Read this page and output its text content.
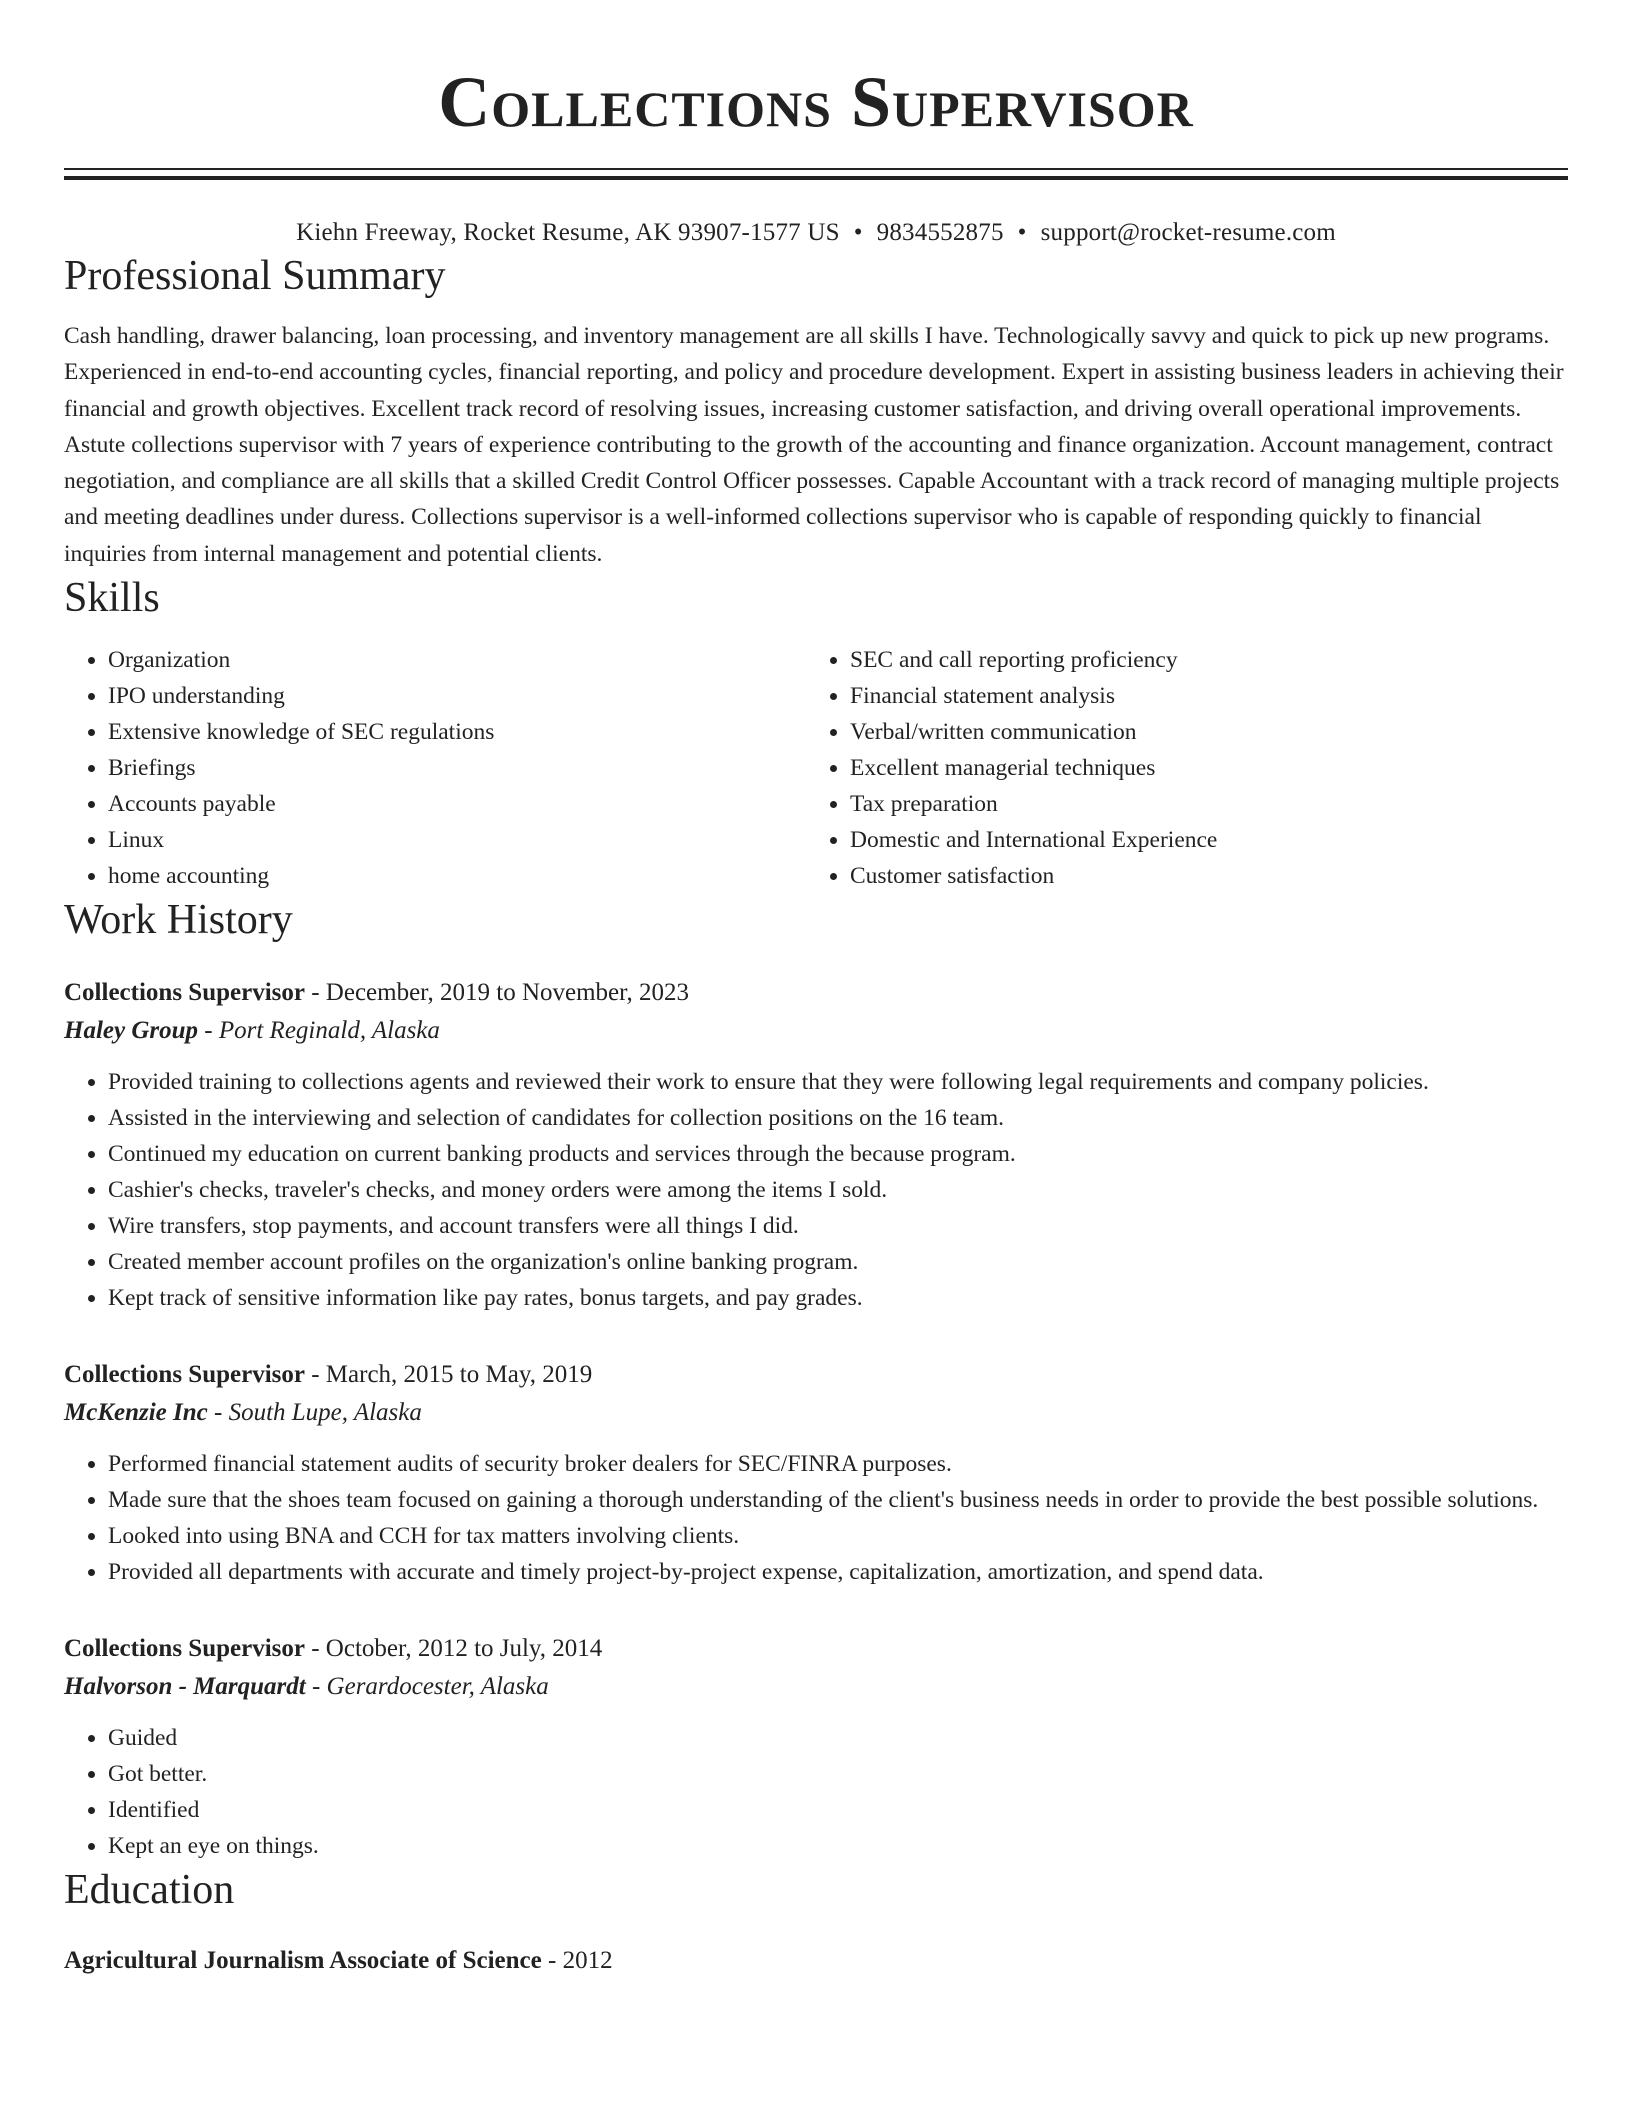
Collections Supervisor
Kiehn Freeway, Rocket Resume, AK 93907-1577 US • 9834552875 • support@rocket-resume.com
Professional Summary

Cash handling, drawer balancing, loan processing, and inventory management are all skills I have. Technologically savvy and quick to pick up new programs. Experienced in end-to-end accounting cycles, financial reporting, and policy and procedure development. Expert in assisting business leaders in achieving their financial and growth objectives. Excellent track record of resolving issues, increasing customer satisfaction, and driving overall operational improvements. Astute collections supervisor with 7 years of experience contributing to the growth of the accounting and finance organization. Account management, contract negotiation, and compliance are all skills that a skilled Credit Control Officer possesses. Capable Accountant with a track record of managing multiple projects and meeting deadlines under duress. Collections supervisor is a well-informed collections supervisor who is capable of responding quickly to financial inquiries from internal management and potential clients.

Skills
• Organization
• IPO understanding
• Extensive knowledge of SEC regulations
• Briefings
• Accounts payable
• Linux
• home accounting
• SEC and call reporting proficiency
• Financial statement analysis
• Verbal/written communication
• Excellent managerial techniques
• Tax preparation
• Domestic and International Experience
• Customer satisfaction
Work History
Collections Supervisor - December, 2019 to November, 2023
Haley Group - Port Reginald, Alaska
• Provided training to collections agents and reviewed their work to ensure that they were following legal requirements and company policies.
• Assisted in the interviewing and selection of candidates for collection positions on the 16 team.
• Continued my education on current banking products and services through the because program.
• Cashier's checks, traveler's checks, and money orders were among the items I sold.
• Wire transfers, stop payments, and account transfers were all things I did.
• Created member account profiles on the organization's online banking program.
• Kept track of sensitive information like pay rates, bonus targets, and pay grades.
Collections Supervisor - March, 2015 to May, 2019
McKenzie Inc - South Lupe, Alaska
• Performed financial statement audits of security broker dealers for SEC/FINRA purposes.
• Made sure that the shoes team focused on gaining a thorough understanding of the client's business needs in order to provide the best possible solutions.
• Looked into using BNA and CCH for tax matters involving clients.
• Provided all departments with accurate and timely project-by-project expense, capitalization, amortization, and spend data.
Collections Supervisor - October, 2012 to July, 2014
Halvorson - Marquardt - Gerardocester, Alaska
• Guided
• Got better.
• Identified
• Kept an eye on things.
Education
Agricultural Journalism Associate of Science - 2012
